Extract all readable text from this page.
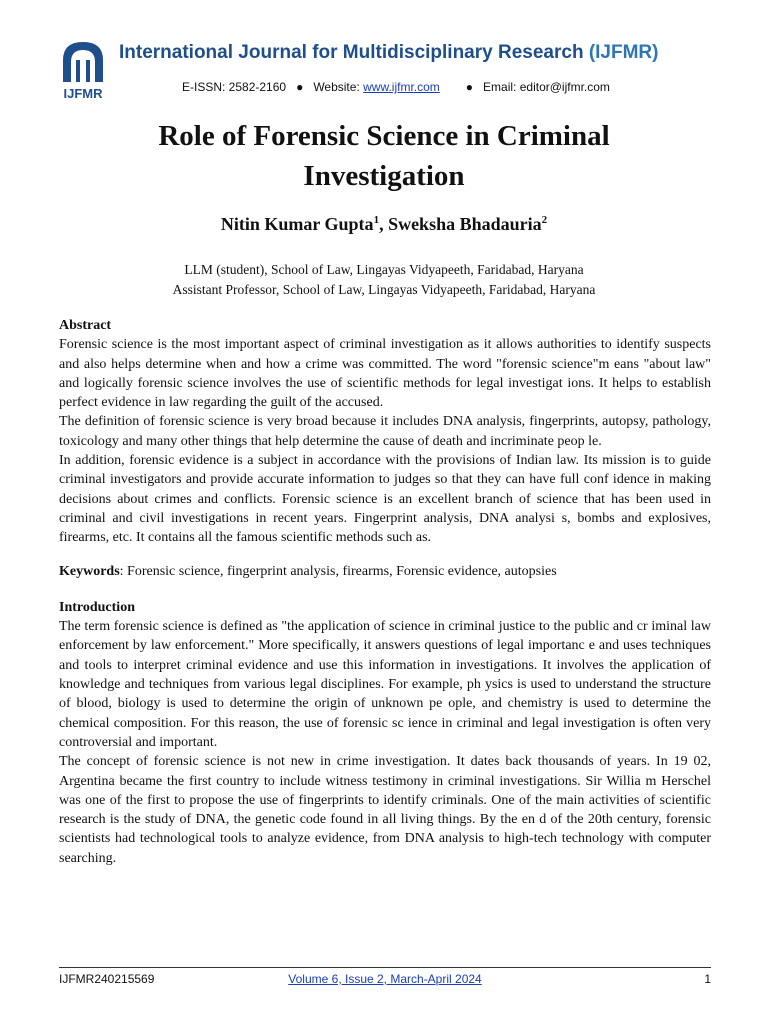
IJFMR
International Journal for Multidisciplinary Research (IJFMR)
E-ISSN: 2582-2160 ● Website: www.ijfmr.com ● Email: editor@ijfmr.com
Role of Forensic Science in Criminal Investigation
Nitin Kumar Gupta$^1$, Sweksha Bhadauria$^2$
LLM (student), School of Law, Lingayas Vidyapeeth, Faridabad, Haryana
Assistant Professor, School of Law, Lingayas Vidyapeeth, Faridabad, Haryana

Abstract

Forensic science is the most important aspect of criminal investigation as it allows authorities to identify suspects and also helps determine when and how a crime was committed. The word "forensic science"m eans "about law" and logically forensic science involves the use of scientific methods for legal investigat ions. It helps to establish perfect evidence in law regarding the guilt of the accused.

The definition of forensic science is very broad because it includes DNA analysis, fingerprints, autopsy, pathology, toxicology and many other things that help determine the cause of death and incriminate peop le.

In addition, forensic evidence is a subject in accordance with the provisions of Indian law. Its mission is to guide criminal investigators and provide accurate information to judges so that they can have full conf idence in making decisions about crimes and conflicts. Forensic science is an excellent branch of science that has been used in criminal and civil investigations in recent years. Fingerprint analysis, DNA analysi s, bombs and explosives, firearms, etc. It contains all the famous scientific methods such as.

Keywords: Forensic science, fingerprint analysis, firearms, Forensic evidence, autopsies

Introduction

The term forensic science is defined as "the application of science in criminal justice to the public and cr iminal law enforcement by law enforcement." More specifically, it answers questions of legal importanc e and uses techniques and tools to interpret criminal evidence and use this information in investigations. It involves the application of knowledge and techniques from various legal disciplines. For example, ph ysics is used to understand the structure of blood, biology is used to determine the origin of unknown pe ople, and chemistry is used to determine the chemical composition. For this reason, the use of forensic sc ience in criminal and legal investigation is often very controversial and important.

The concept of forensic science is not new in crime investigation. It dates back thousands of years. In 19 02, Argentina became the first country to include witness testimony in criminal investigations. Sir Willia m Herschel was one of the first to propose the use of fingerprints to identify criminals. One of the main activities of scientific research is the study of DNA, the genetic code found in all living things. By the en d of the 20th century, forensic scientists had technological tools to analyze evidence, from DNA analysis to high-tech technology with computer searching.

IJFMR240215569	Volume 6, Issue 2, March-April 2024	1
